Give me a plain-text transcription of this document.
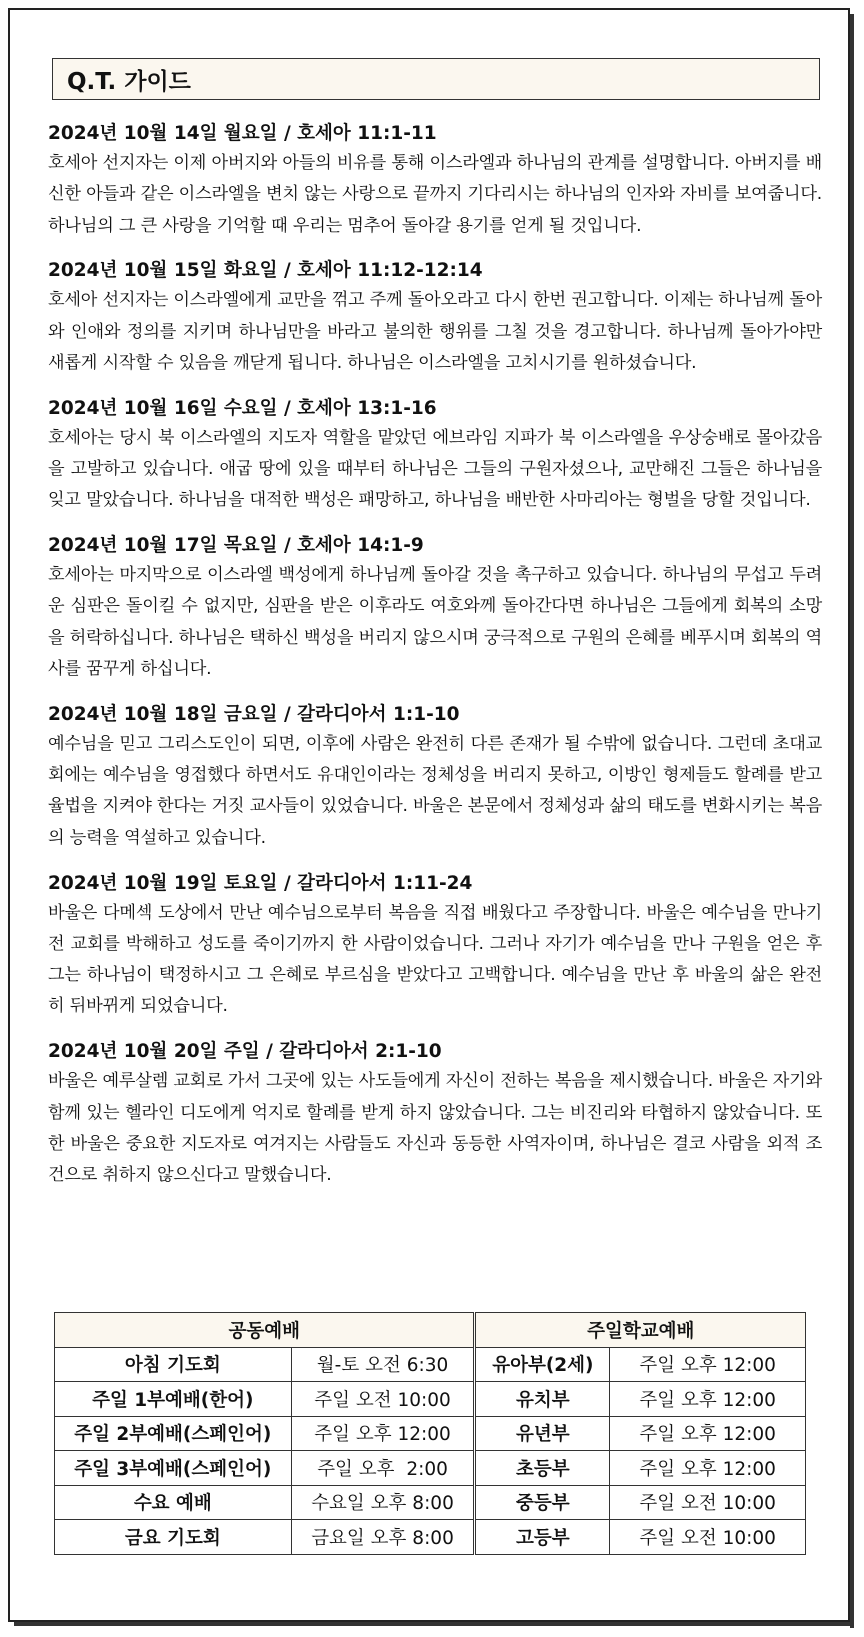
Q.T. 가이드
2024년 10월 14일 월요일 / 호세아 11:1-11
호세아 선지자는 이제 아버지와 아들의 비유를 통해 이스라엘과 하나님의 관계를 설명합니다. 아버지를 배신한 아들과 같은 이스라엘을 변치 않는 사랑으로 끝까지 기다리시는 하나님의 인자와 자비를 보여줍니다. 하나님의 그 큰 사랑을 기억할 때 우리는 멈추어 돌아갈 용기를 얻게 될 것입니다.
2024년 10월 15일 화요일 / 호세아 11:12-12:14
호세아 선지자는 이스라엘에게 교만을 꺾고 주께 돌아오라고 다시 한번 권고합니다. 이제는 하나님께 돌아와 인애와 정의를 지키며 하나님만을 바라고 불의한 행위를 그칠 것을 경고합니다. 하나님께 돌아가야만 새롭게 시작할 수 있음을 깨닫게 됩니다. 하나님은 이스라엘을 고치시기를 원하셨습니다.
2024년 10월 16일 수요일 / 호세아 13:1-16
호세아는 당시 북 이스라엘의 지도자 역할을 맡았던 에브라임 지파가 북 이스라엘을 우상숭배로 몰아갔음을 고발하고 있습니다. 애굽 땅에 있을 때부터 하나님은 그들의 구원자셨으나, 교만해진 그들은 하나님을 잊고 말았습니다. 하나님을 대적한 백성은 패망하고, 하나님을 배반한 사마리아는 형벌을 당할 것입니다.
2024년 10월 17일 목요일 / 호세아 14:1-9
호세아는 마지막으로 이스라엘 백성에게 하나님께 돌아갈 것을 촉구하고 있습니다. 하나님의 무섭고 두려운 심판은 돌이킬 수 없지만, 심판을 받은 이후라도 여호와께 돌아간다면 하나님은 그들에게 회복의 소망을 허락하십니다. 하나님은 택하신 백성을 버리지 않으시며 궁극적으로 구원의 은혜를 베푸시며 회복의 역사를 꿈꾸게 하십니다.
2024년 10월 18일 금요일 / 갈라디아서 1:1-10
예수님을 믿고 그리스도인이 되면, 이후에 사람은 완전히 다른 존재가 될 수밖에 없습니다. 그런데 초대교회에는 예수님을 영접했다 하면서도 유대인이라는 정체성을 버리지 못하고, 이방인 형제들도 할례를 받고 율법을 지켜야 한다는 거짓 교사들이 있었습니다. 바울은 본문에서 정체성과 삶의 태도를 변화시키는 복음의 능력을 역설하고 있습니다.
2024년 10월 19일 토요일 / 갈라디아서 1:11-24
바울은 다메섹 도상에서 만난 예수님으로부터 복음을 직접 배웠다고 주장합니다. 바울은 예수님을 만나기 전 교회를 박해하고 성도를 죽이기까지 한 사람이었습니다. 그러나 자기가 예수님을 만나 구원을 얻은 후 그는 하나님이 택정하시고 그 은혜로 부르심을 받았다고 고백합니다. 예수님을 만난 후 바울의 삶은 완전히 뒤바뀌게 되었습니다.
2024년 10월 20일 주일 / 갈라디아서 2:1-10
바울은 예루살렘 교회로 가서 그곳에 있는 사도들에게 자신이 전하는 복음을 제시했습니다. 바울은 자기와 함께 있는 헬라인 디도에게 억지로 할례를 받게 하지 않았습니다. 그는 비진리와 타협하지 않았습니다. 또한 바울은 중요한 지도자로 여겨지는 사람들도 자신과 동등한 사역자이며, 하나님은 결코 사람을 외적 조건으로 취하지 않으신다고 말했습니다.
공동예배		주일학교예배	
아침 기도회	월-토 오전 6:30	유아부(2세)	주일 오후 12:00
주일 1부예배(한어)	주일 오전 10:00	유치부	주일 오후 12:00
주일 2부예배(스페인어)	주일 오후 12:00	유년부	주일 오후 12:00
주일 3부예배(스페인어)	주일 오후  2:00	초등부	주일 오후 12:00
수요 예배	수요일 오후 8:00	중등부	주일 오전 10:00
금요 기도회	금요일 오후 8:00	고등부	주일 오전 10:00
